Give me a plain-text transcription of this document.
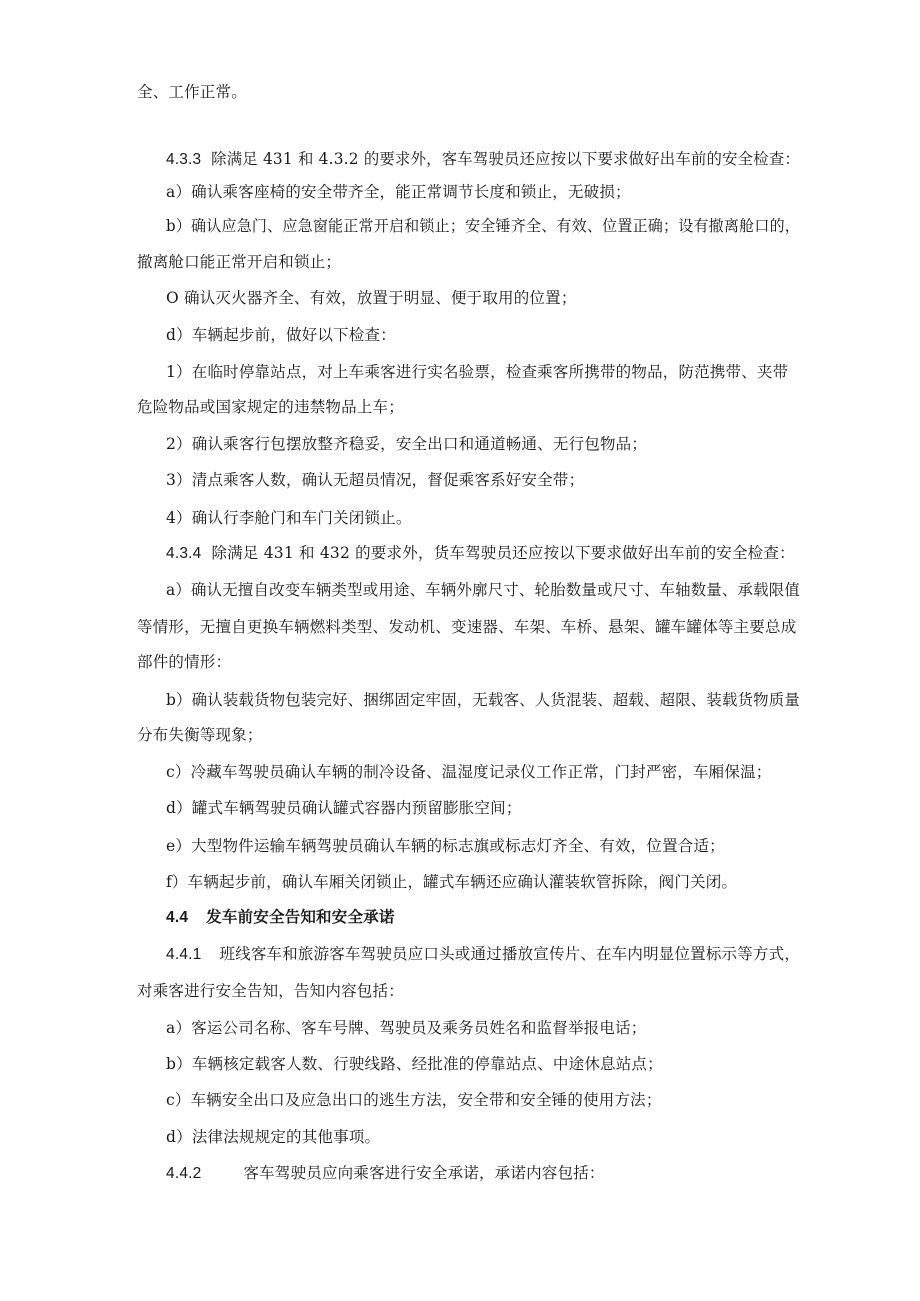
全、工作正常。
4.3.3 除满足 431 和 4.3.2 的要求外，客车驾驶员还应按以下要求做好出车前的安全检查：
a）确认乘客座椅的安全带齐全，能正常调节长度和锁止，无破损；
b）确认应急门、应急窗能正常开启和锁止；安全锤齐全、有效、位置正确；设有撤离舱口的，
撤离舱口能正常开启和锁止；
O 确认灭火器齐全、有效，放置于明显、便于取用的位置；
d）车辆起步前，做好以下检查：
1）在临时停靠站点，对上车乘客进行实名验票，检查乘客所携带的物品，防范携带、夹带
危险物品或国家规定的违禁物品上车；
2）确认乘客行包摆放整齐稳妥，安全出口和通道畅通、无行包物品；
3）清点乘客人数，确认无超员情况，督促乘客系好安全带；
4）确认行李舱门和车门关闭锁止。
4.3.4 除满足 431 和 432 的要求外，货车驾驶员还应按以下要求做好出车前的安全检查：
a）确认无擅自改变车辆类型或用途、车辆外廓尺寸、轮胎数量或尺寸、车轴数量、承载限值
等情形，无擅自更换车辆燃料类型、发动机、变速器、车架、车桥、悬架、罐车罐体等主要总成
部件的情形：
b）确认装载货物包装完好、捆绑固定牢固，无载客、人货混装、超载、超限、装载货物质量
分布失衡等现象；
c）冷藏车驾驶员确认车辆的制冷设备、温湿度记录仪工作正常，门封严密，车厢保温；
d）罐式车辆驾驶员确认罐式容器内预留膨胀空间；
e）大型物件运输车辆驾驶员确认车辆的标志旗或标志灯齐全、有效，位置合适；
f）车辆起步前，确认车厢关闭锁止，罐式车辆还应确认灌装软管拆除，阀门关闭。
4.4 发车前安全告知和安全承诺
4.4.1 班线客车和旅游客车驾驶员应口头或通过播放宣传片、在车内明显位置标示等方式，
对乘客进行安全告知，告知内容包括：
a）客运公司名称、客车号牌、驾驶员及乘务员姓名和监督举报电话；
b）车辆核定载客人数、行驶线路、经批准的停靠站点、中途休息站点；
c）车辆安全出口及应急出口的逃生方法，安全带和安全锤的使用方法；
d）法律法规规定的其他事项。
4.4.2	客车驾驶员应向乘客进行安全承诺，承诺内容包括：
